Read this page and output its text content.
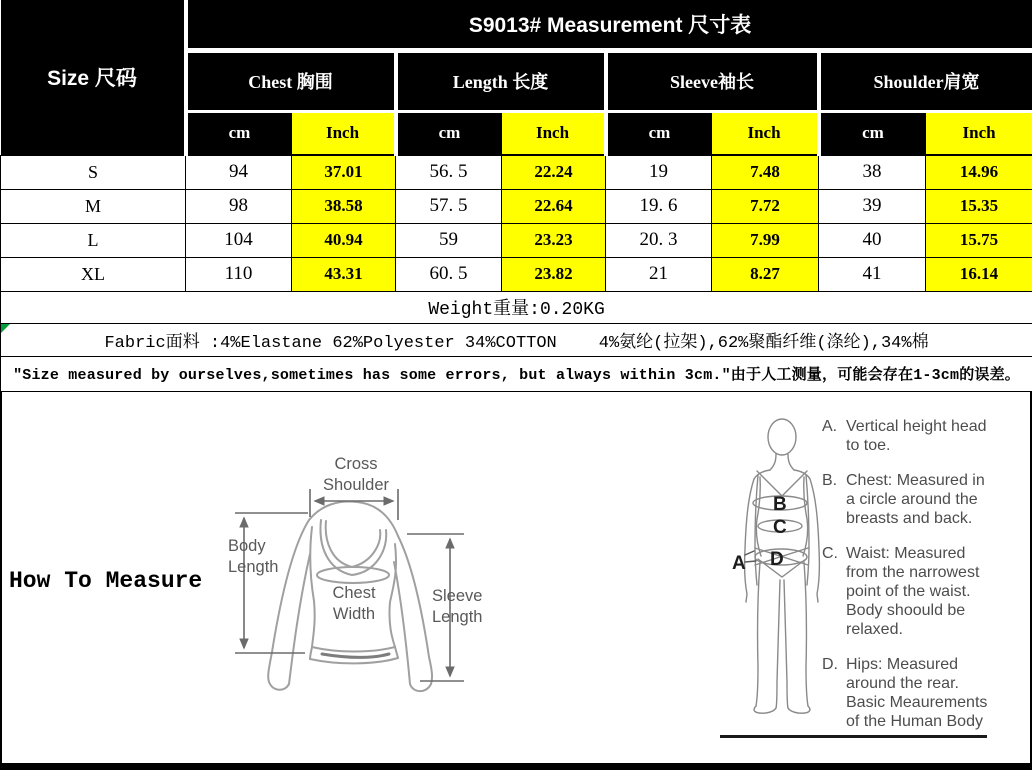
Size 尺码	S9013# Measurement 尺寸表							
	Chest 胸围		Length 长度		Sleeve袖长		Shoulder肩宽	
	cm	Inch	cm	Inch	cm	Inch	cm	Inch
S	94	37.01	56. 5	22.24	19	7.48	38	14.96
M	98	38.58	57. 5	22.64	19. 6	7.72	39	15.35
L	104	40.94	59	23.23	20. 3	7.99	40	15.75
XL	110	43.31	60. 5	23.82	21	8.27	41	16.14
Weight重量:0.20KG								

Fabric面料 :4%Elastane 62%Polyester 34%COTTON 4%氨纶(拉架),62%聚酯纤维(涤纶),34%棉								

″Size measured by ourselves,sometimes has some errors, but always within 3cm.″由于人工测量，可能会存在1-3cm的误差。								
How To Measure
Cross Shoulder
Body Length
Chest Width
Sleeve Length
A
B
C
D
A. Vertical height head to toe.
B. Chest: Measured in a circle around the breasts and back.
C. Waist: Measured from the narrowest point of the waist. Body shoould be relaxed.
D. Hips: Measured around the rear. Basic Meaurements of the Human Body
